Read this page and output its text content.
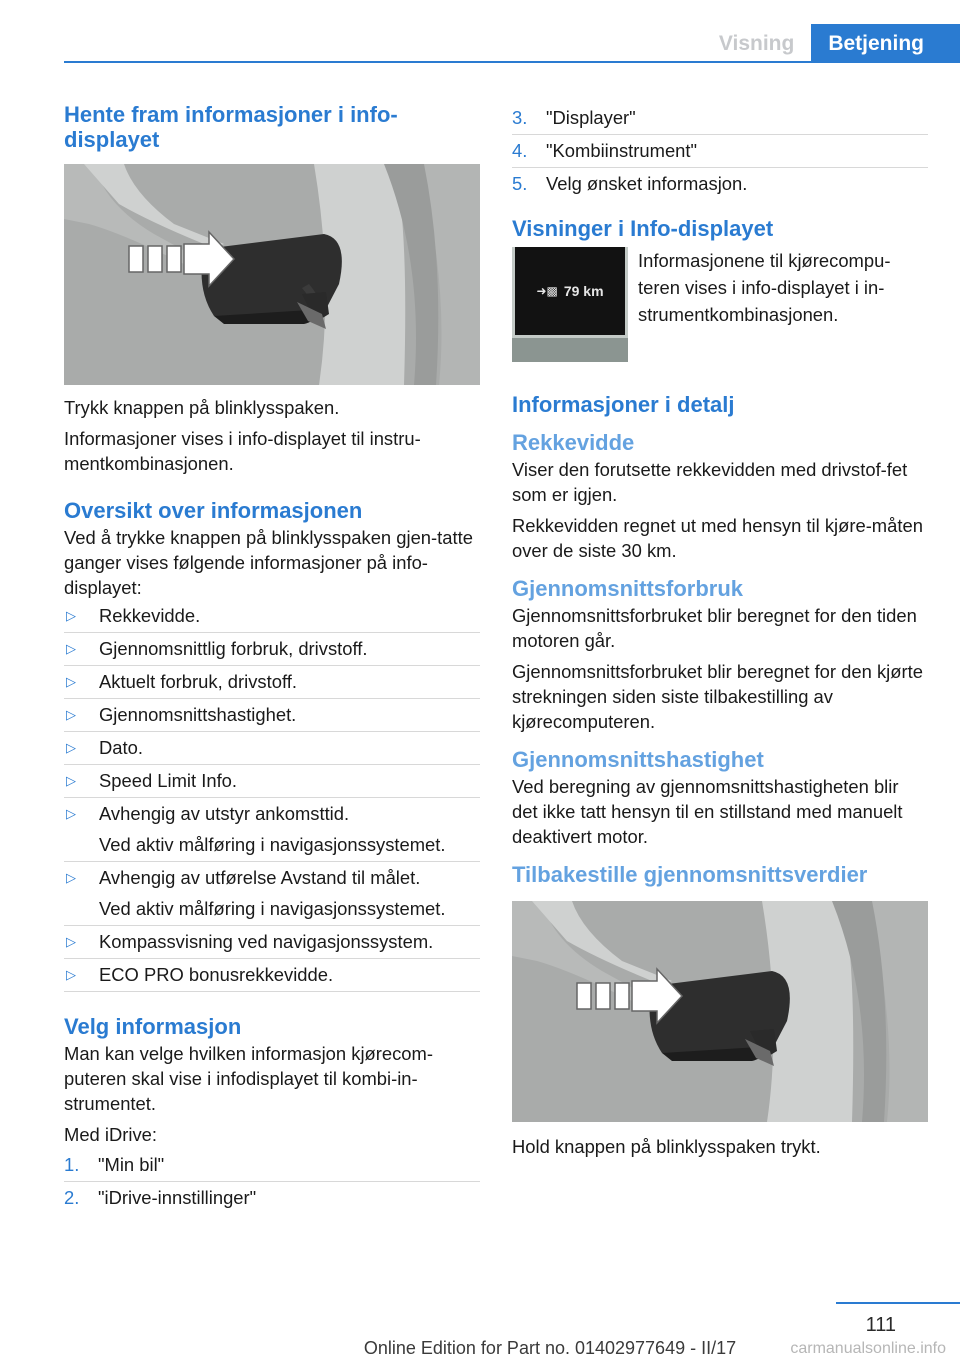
Visning	Betjening
Hente fram informasjoner i info-displayet

Trykk knappen på blinklysspaken.

Informasjoner vises i info-displayet til instru-mentkombinasjonen.

Oversikt over informasjonen

Ved å trykke knappen på blinklysspaken gjen-tatte ganger vises følgende informasjoner på info-displayet:

▷ Rekkevidde.
▷ Gjennomsnittlig forbruk, drivstoff.
▷ Aktuelt forbruk, drivstoff.
▷ Gjennomsnittshastighet.
▷ Dato.
▷ Speed Limit Info.
▷ Avhengig av utstyr ankomsttid.
Ved aktiv målføring i navigasjonssystemet.
▷ Avhengig av utførelse Avstand til målet.
Ved aktiv målføring i navigasjonssystemet.
▷ Kompassvisning ved navigasjonssystem.
▷ ECO PRO bonusrekkevidde.
Velg informasjon

Man kan velge hvilken informasjon kjørecom-puteren skal vise i infodisplayet til kombi-in-strumentet.

Med iDrive:

1. "Min bil"
2. "iDrive-innstillinger"
3. "Displayer"
4. "Kombiinstrument"
5. Velg ønsket informasjon.
Visninger i Info-displayet
➜▩ 79 km

Informasjonene til kjørecompu-teren vises i info-displayet i in-strumentkombinasjonen.

Informasjoner i detalj
Rekkevidde

Viser den forutsette rekkevidden med drivstof-fet som er igjen.

Rekkevidden regnet ut med hensyn til kjøre-måten over de siste 30 km.

Gjennomsnittsforbruk

Gjennomsnittsforbruket blir beregnet for den tiden motoren går.

Gjennomsnittsforbruket blir beregnet for den kjørte strekningen siden siste tilbakestilling av kjørecomputeren.

Gjennomsnittshastighet

Ved beregning av gjennomsnittshastigheten blir det ikke tatt hensyn til en stillstand med manuelt deaktivert motor.

Tilbakestille gjennomsnittsverdier

Hold knappen på blinklysspaken trykt.

111
Online Edition for Part no. 01402977649 - II/17	carmanualsonline.info
